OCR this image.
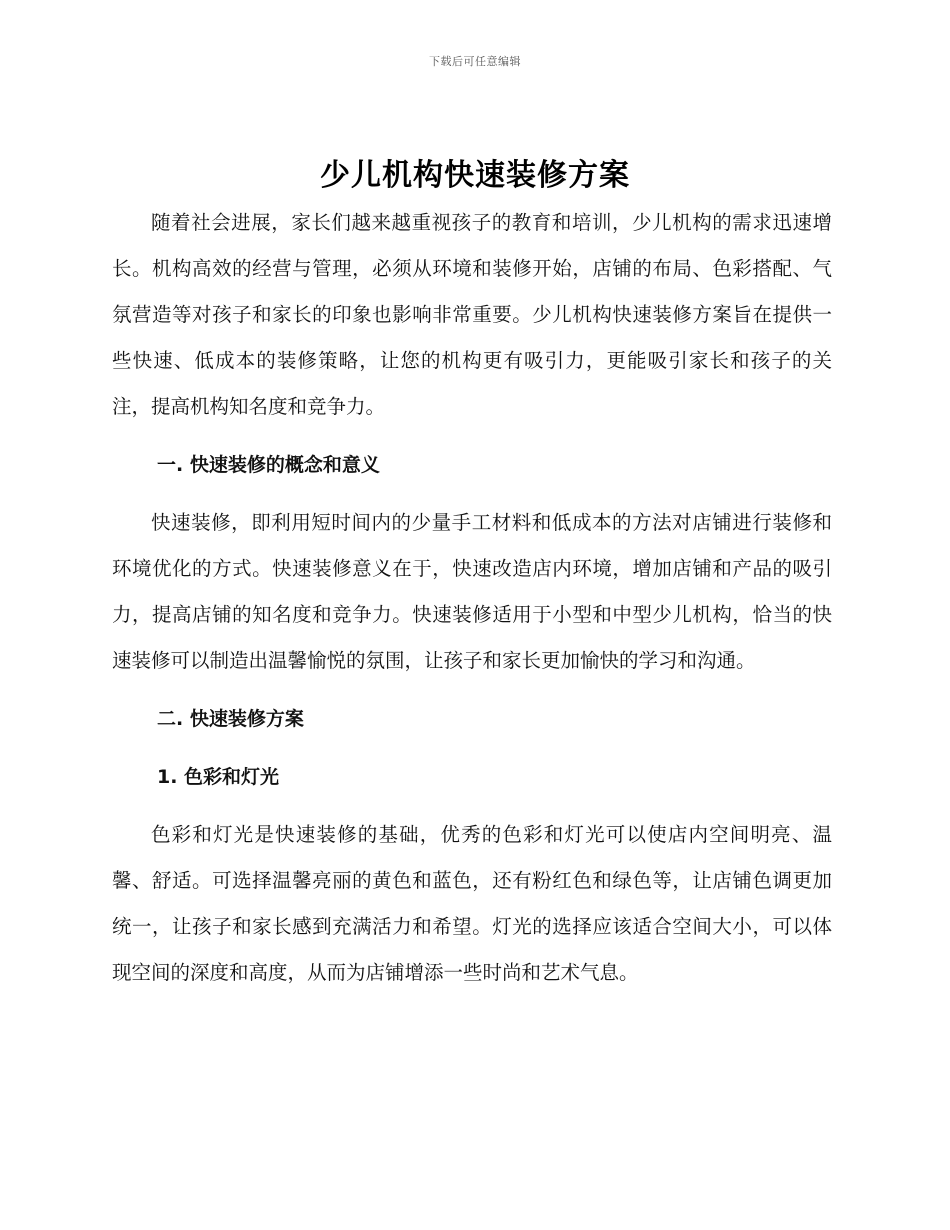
下载后可任意编辑
少儿机构快速装修方案

随着社会进展，家长们越来越重视孩子的教育和培训，少儿机构的需求迅速增长。机构高效的经营与管理，必须从环境和装修开始，店铺的布局、色彩搭配、气氛营造等对孩子和家长的印象也影响非常重要。少儿机构快速装修方案旨在提供一些快速、低成本的装修策略，让您的机构更有吸引力，更能吸引家长和孩子的关注，提高机构知名度和竞争力。

一. 快速装修的概念和意义

快速装修，即利用短时间内的少量手工材料和低成本的方法对店铺进行装修和环境优化的方式。快速装修意义在于，快速改造店内环境，增加店铺和产品的吸引力，提高店铺的知名度和竞争力。快速装修适用于小型和中型少儿机构，恰当的快速装修可以制造出温馨愉悦的氛围，让孩子和家长更加愉快的学习和沟通。

二. 快速装修方案

1. 色彩和灯光

色彩和灯光是快速装修的基础，优秀的色彩和灯光可以使店内空间明亮、温馨、舒适。可选择温馨亮丽的黄色和蓝色，还有粉红色和绿色等，让店铺色调更加统一，让孩子和家长感到充满活力和希望。灯光的选择应该适合空间大小，可以体现空间的深度和高度，从而为店铺增添一些时尚和艺术气息。
